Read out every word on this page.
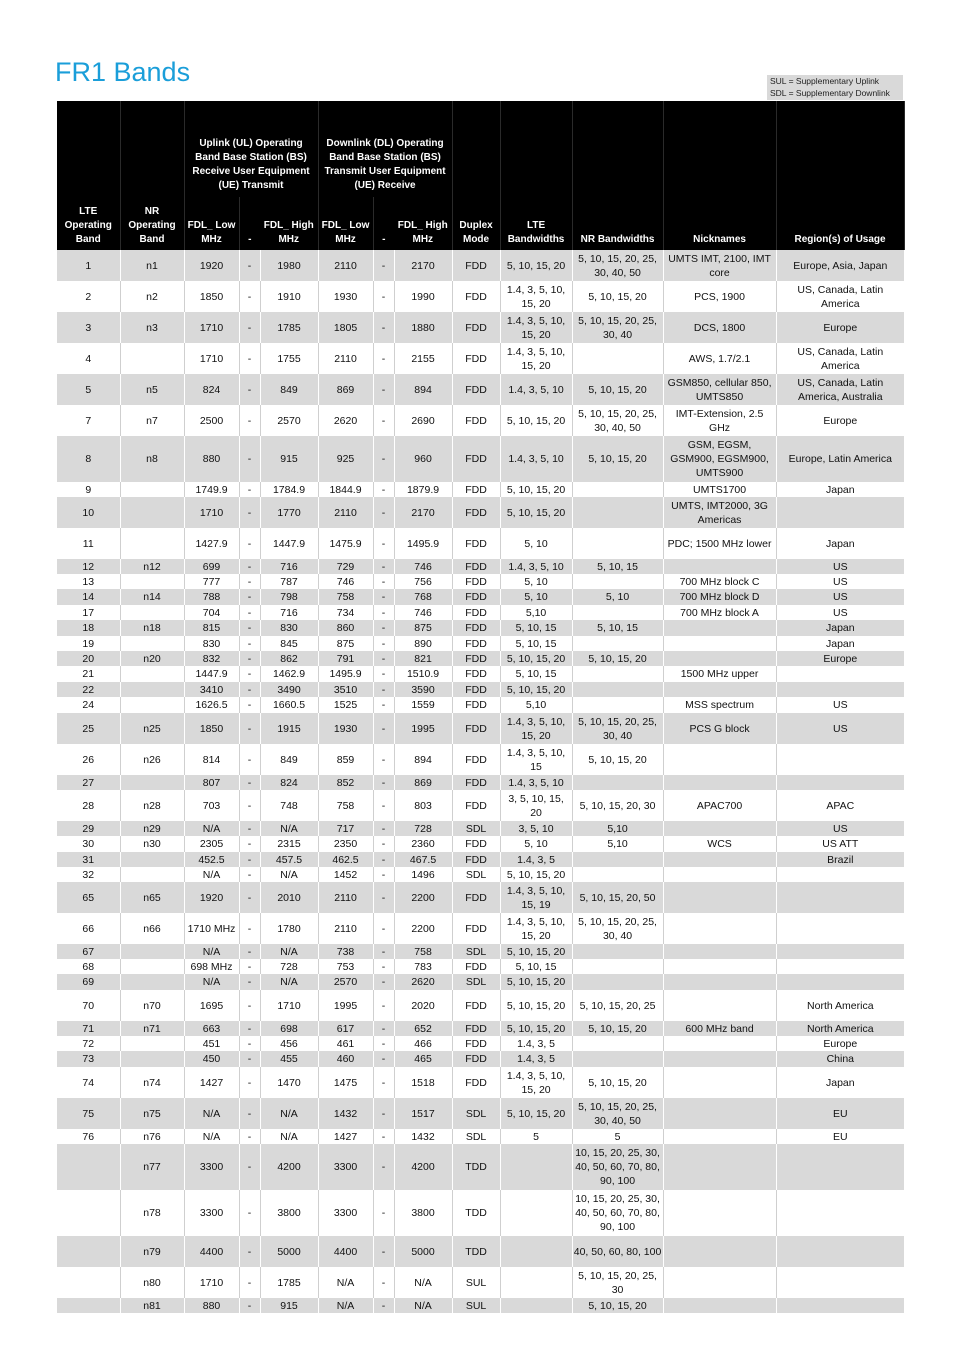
FR1 Bands	SUL = Supplementary Uplink
SDL = Supplementary Downlink
		Uplink (UL) Operating Band Base Station (BS) Receive User Equipment (UE) Transmit			Downlink (DL) Operating Band Base Station (BS) Transmit User Equipment (UE) Receive							
LTE Operating Band	NR Operating Band	FDL_ Low MHz	-	FDL_ High MHz	FDL_ Low MHz	-	FDL_ High MHz	Duplex Mode	LTE Bandwidths	NR Bandwidths	Nicknames	Region(s) of Usage
1	n1	1920	-	1980	2110	-	2170	FDD	5, 10, 15, 20	5, 10, 15, 20, 25, 30, 40, 50	UMTS IMT, 2100, IMT core	Europe, Asia, Japan
2	n2	1850	-	1910	1930	-	1990	FDD	1.4, 3, 5, 10, 15, 20	5, 10, 15, 20	PCS, 1900	US, Canada, Latin America
3	n3	1710	-	1785	1805	-	1880	FDD	1.4, 3, 5, 10, 15, 20	5, 10, 15, 20, 25, 30, 40	DCS, 1800	Europe
4		1710	-	1755	2110	-	2155	FDD	1.4, 3, 5, 10, 15, 20		AWS, 1.7/2.1	US, Canada, Latin America
5	n5	824	-	849	869	-	894	FDD	1.4, 3, 5, 10	5, 10, 15, 20	GSM850, cellular 850, UMTS850	US, Canada, Latin America, Australia
7	n7	2500	-	2570	2620	-	2690	FDD	5, 10, 15, 20	5, 10, 15, 20, 25, 30, 40, 50	IMT-Extension, 2.5 GHz	Europe
8	n8	880	-	915	925	-	960	FDD	1.4, 3, 5, 10	5, 10, 15, 20	GSM, EGSM, GSM900, EGSM900, UMTS900	Europe, Latin America
9		1749.9	-	1784.9	1844.9	-	1879.9	FDD	5, 10, 15, 20		UMTS1700	Japan
10		1710	-	1770	2110	-	2170	FDD	5, 10, 15, 20		UMTS, IMT2000, 3G Americas	
11		1427.9	-	1447.9	1475.9	-	1495.9	FDD	5, 10		PDC; 1500 MHz lower	Japan
12	n12	699	-	716	729	-	746	FDD	1.4, 3, 5, 10	5, 10, 15		US
13		777	-	787	746	-	756	FDD	5, 10		700 MHz block C	US
14	n14	788	-	798	758	-	768	FDD	5, 10	5, 10	700 MHz block D	US
17		704	-	716	734	-	746	FDD	5,10		700 MHz block A	US
18	n18	815	-	830	860	-	875	FDD	5, 10, 15	5, 10, 15		Japan
19		830	-	845	875	-	890	FDD	5, 10, 15			Japan
20	n20	832	-	862	791	-	821	FDD	5, 10, 15, 20	5, 10, 15, 20		Europe
21		1447.9	-	1462.9	1495.9	-	1510.9	FDD	5, 10, 15		1500 MHz upper	
22		3410	-	3490	3510	-	3590	FDD	5, 10, 15, 20			
24		1626.5	-	1660.5	1525	-	1559	FDD	5,10		MSS spectrum	US
25	n25	1850	-	1915	1930	-	1995	FDD	1.4, 3, 5, 10, 15, 20	5, 10, 15, 20, 25, 30, 40	PCS G block	US
26	n26	814	-	849	859	-	894	FDD	1.4, 3, 5, 10, 15	5, 10, 15, 20		
27		807	-	824	852	-	869	FDD	1.4, 3, 5, 10			
28	n28	703	-	748	758	-	803	FDD	3, 5, 10, 15, 20	5, 10, 15, 20, 30	APAC700	APAC
29	n29	N/A	-	N/A	717	-	728	SDL	3, 5, 10	5,10		US
30	n30	2305	-	2315	2350	-	2360	FDD	5, 10	5,10	WCS	US ATT
31		452.5	-	457.5	462.5	-	467.5	FDD	1.4, 3, 5			Brazil
32		N/A	-	N/A	1452	-	1496	SDL	5, 10, 15, 20			
65	n65	1920	-	2010	2110	-	2200	FDD	1.4, 3, 5, 10, 15, 19	5, 10, 15, 20, 50		
66	n66	1710 MHz	-	1780	2110	-	2200	FDD	1.4, 3, 5, 10, 15, 20	5, 10, 15, 20, 25, 30, 40		
67		N/A	-	N/A	738	-	758	SDL	5, 10, 15, 20			
68		698 MHz	-	728	753	-	783	FDD	5, 10, 15			
69		N/A	-	N/A	2570	-	2620	SDL	5, 10, 15, 20			
70	n70	1695	-	1710	1995	-	2020	FDD	5, 10, 15, 20	5, 10, 15, 20, 25		North America
71	n71	663	-	698	617	-	652	FDD	5, 10, 15, 20	5, 10, 15, 20	600 MHz band	North America
72		451	-	456	461	-	466	FDD	1.4, 3, 5			Europe
73		450	-	455	460	-	465	FDD	1.4, 3, 5			China
74	n74	1427	-	1470	1475	-	1518	FDD	1.4, 3, 5, 10, 15, 20	5, 10, 15, 20		Japan
75	n75	N/A	-	N/A	1432	-	1517	SDL	5, 10, 15, 20	5, 10, 15, 20, 25, 30, 40, 50		EU
76	n76	N/A	-	N/A	1427	-	1432	SDL	5	5		EU
	n77	3300	-	4200	3300	-	4200	TDD		10, 15, 20, 25, 30, 40, 50, 60, 70, 80, 90, 100		
	n78	3300	-	3800	3300	-	3800	TDD		10, 15, 20, 25, 30, 40, 50, 60, 70, 80, 90, 100		
	n79	4400	-	5000	4400	-	5000	TDD		40, 50, 60, 80, 100		
	n80	1710	-	1785	N/A	-	N/A	SUL		5, 10, 15, 20, 25, 30		
	n81	880	-	915	N/A	-	N/A	SUL		5, 10, 15, 20		
